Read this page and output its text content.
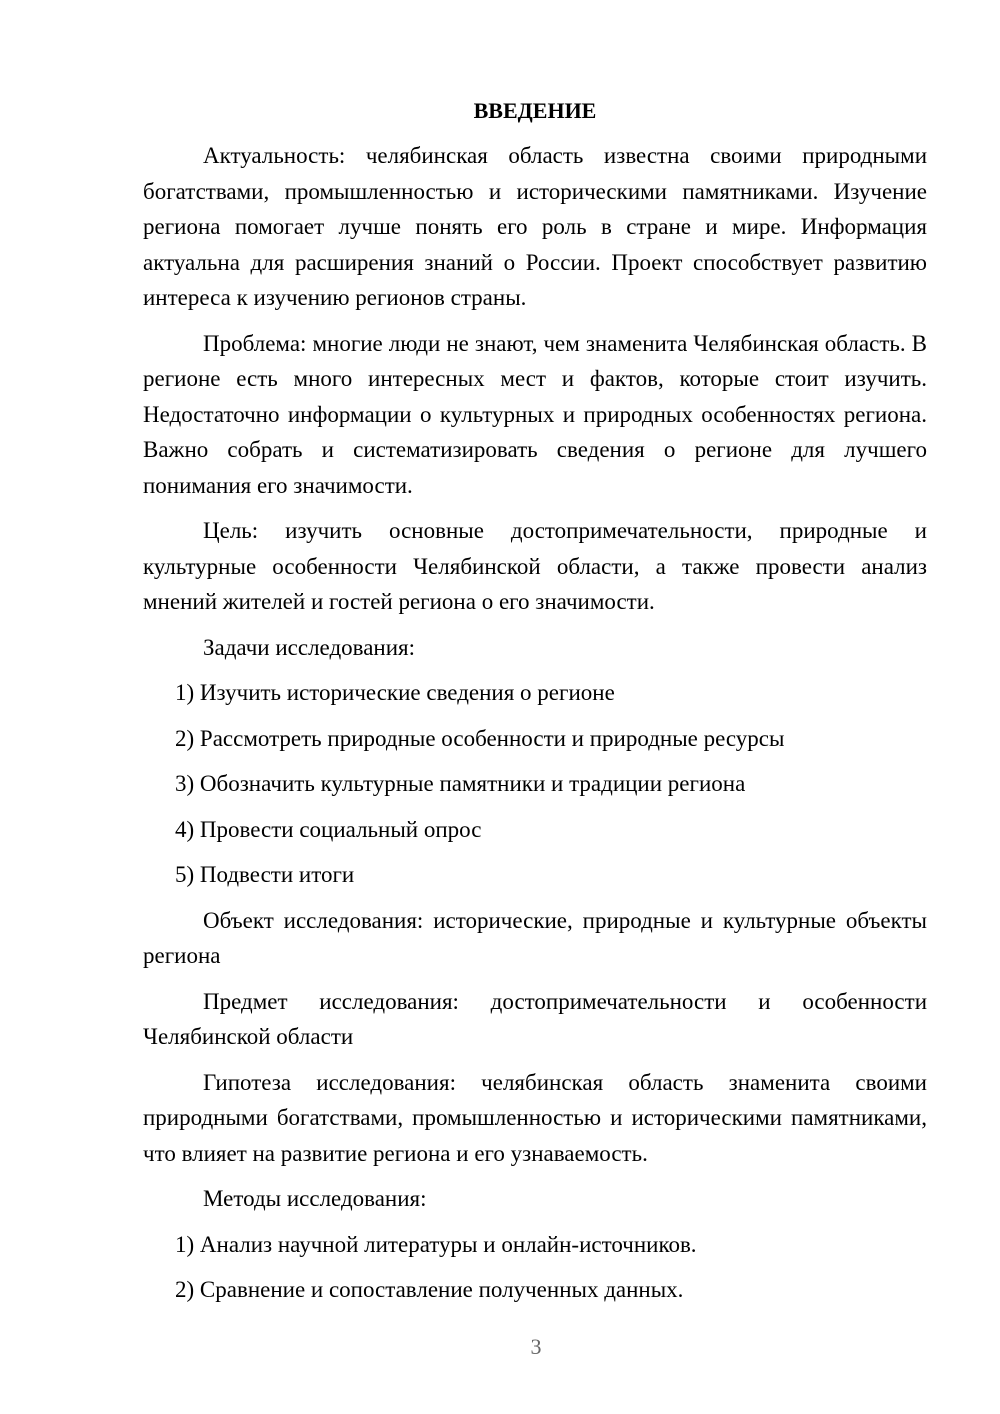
ВВЕДЕНИЕ

Актуальность: челябинская область известна своими природными богатствами, промышленностью и историческими памятниками. Изучение региона помогает лучше понять его роль в стране и мире. Информация актуальна для расширения знаний о России. Проект способствует развитию интереса к изучению регионов страны.

Проблема: многие люди не знают, чем знаменита Челябинская область. В регионе есть много интересных мест и фактов, которые стоит изучить. Недостаточно информации о культурных и природных особенностях региона. Важно собрать и систематизировать сведения о регионе для лучшего понимания его значимости.

Цель: изучить основные достопримечательности, природные и культурные особенности Челябинской области, а также провести анализ мнений жителей и гостей региона о его значимости.

Задачи исследования:
1) Изучить исторические сведения о регионе
2) Рассмотреть природные особенности и природные ресурсы
3) Обозначить культурные памятники и традиции региона
4) Провести социальный опрос
5) Подвести итоги

Объект исследования: исторические, природные и культурные объекты региона

Предмет исследования: достопримечательности и особенности Челябинской области

Гипотеза исследования: челябинская область знаменита своими природными богатствами, промышленностью и историческими памятниками, что влияет на развитие региона и его узнаваемость.

Методы исследования:
1) Анализ научной литературы и онлайн-источников.
2) Сравнение и сопоставление полученных данных.
3
